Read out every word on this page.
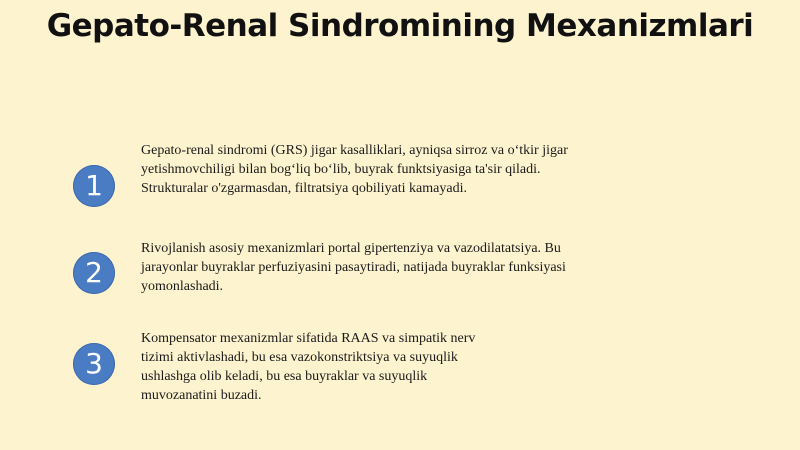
Gepato-Renal Sindromining Mexanizmlari
1

Gepato-renal sindromi (GRS) jigar kasalliklari, ayniqsa sirroz va o‘tkir jigar
yetishmovchiligi bilan bog‘liq bo‘lib, buyrak funktsiyasiga ta'sir qiladi.
Strukturalar o'zgarmasdan, filtratsiya qobiliyati kamayadi.

2

Rivojlanish asosiy mexanizmlari portal gipertenziya va vazodilatatsiya. Bu
jarayonlar buyraklar perfuziyasini pasaytiradi, natijada buyraklar funksiyasi
yomonlashadi.

3

Kompensator mexanizmlar sifatida RAAS va simpatik nerv
tizimi aktivlashadi, bu esa vazokonstriktsiya va suyuqlik
ushlashga olib keladi, bu esa buyraklar va suyuqlik
muvozanatini buzadi.
